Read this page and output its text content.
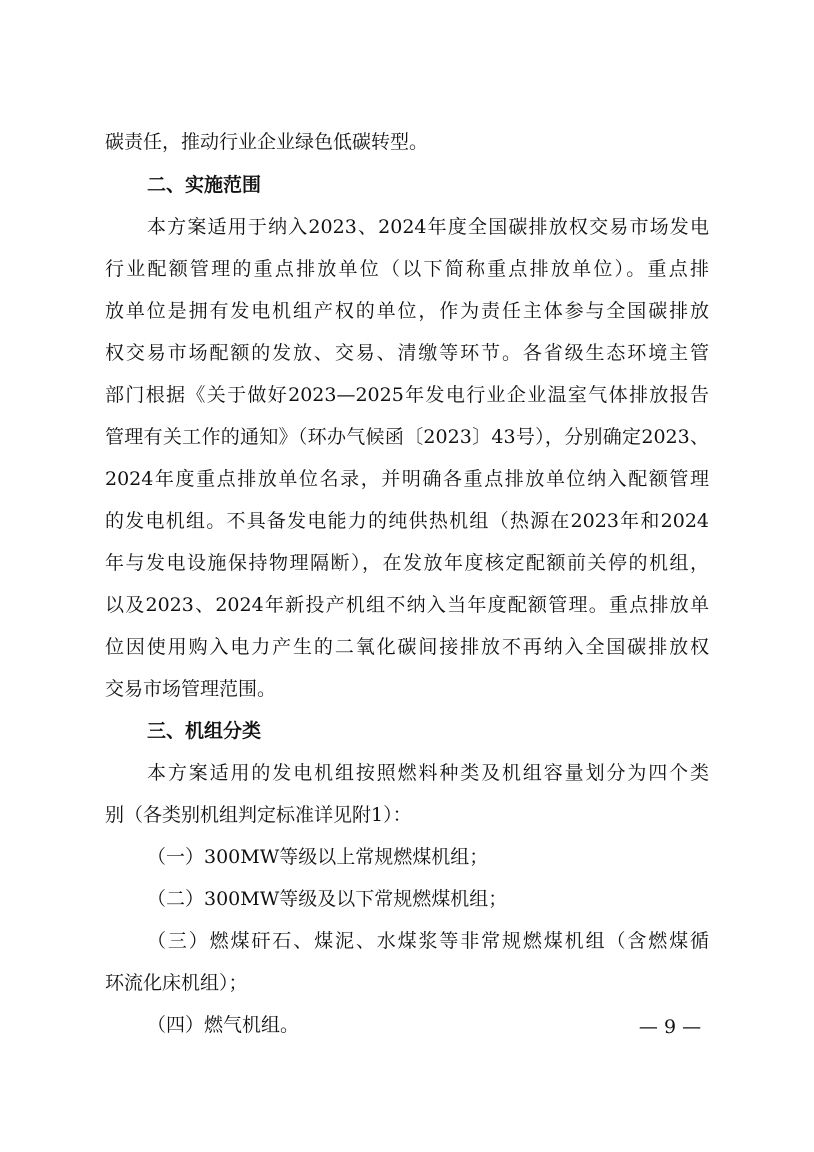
碳责任，推动行业企业绿色低碳转型。

二、实施范围

本方案适用于纳入2023、2024年度全国碳排放权交易市场发电

行业配额管理的重点排放单位（以下简称重点排放单位）。重点排

放单位是拥有发电机组产权的单位，作为责任主体参与全国碳排放

权交易市场配额的发放、交易、清缴等环节。各省级生态环境主管

部门根据《关于做好2023—2025年发电行业企业温室气体排放报告

管理有关工作的通知》（环办气候函〔2023〕43号），分别确定2023、

2024年度重点排放单位名录，并明确各重点排放单位纳入配额管理

的发电机组。不具备发电能力的纯供热机组（热源在2023年和2024

年与发电设施保持物理隔断），在发放年度核定配额前关停的机组，

以及2023、2024年新投产机组不纳入当年度配额管理。重点排放单

位因使用购入电力产生的二氧化碳间接排放不再纳入全国碳排放权

交易市场管理范围。

三、机组分类

本方案适用的发电机组按照燃料种类及机组容量划分为四个类

别（各类别机组判定标准详见附1）：

（一）300MW等级以上常规燃煤机组；

（二）300MW等级及以下常规燃煤机组；

（三）燃煤矸石、煤泥、水煤浆等非常规燃煤机组（含燃煤循

环流化床机组）；

（四）燃气机组。	— 9 —
